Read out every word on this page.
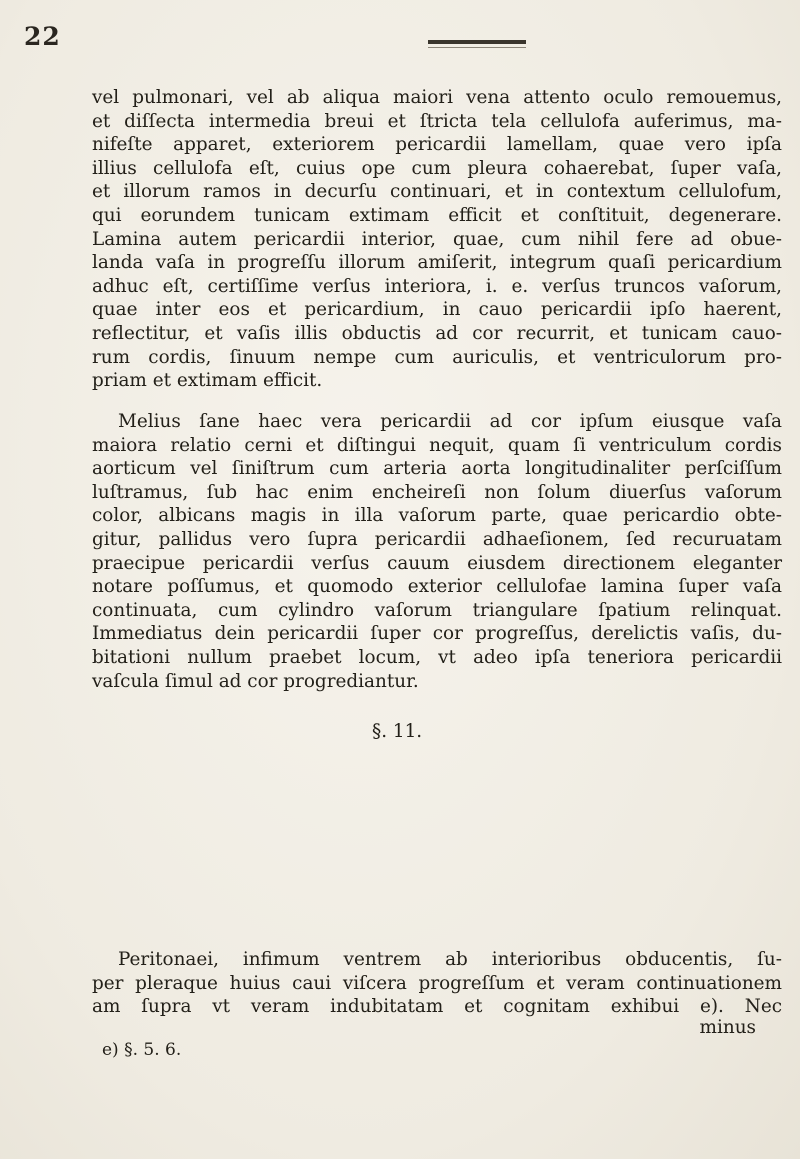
22
vel pulmonari, vel ab aliqua maiori vena attento oculo remouemus,
et diſſecta intermedia breui et ſtricta tela cellulofa auferimus, ma-
nifeſte apparet, exteriorem pericardii lamellam, quae vero ipſa
illius cellulofa eſt, cuius ope cum pleura cohaerebat, ſuper vaſa,
et illorum ramos in decurſu continuari, et in contextum cellulofum,
qui eorundem tunicam extimam efficit et conſtituit, degenerare.
Lamina autem pericardii interior, quae, cum nihil fere ad obue-
landa vaſa in progreſſu illorum amiſerit, integrum quaſi pericardium
adhuc eſt, certiſſime verſus interiora, i. e. verſus truncos vaſorum,
quae inter eos et pericardium, in cauo pericardii ipſo haerent,
reflectitur, et vaſis illis obductis ad cor recurrit, et tunicam cauo-
rum cordis, ſinuum nempe cum auriculis, et ventriculorum pro-
priam et extimam efficit.
Melius ſane haec vera pericardii ad cor ipſum eiusque vaſa
maiora relatio cerni et diſtingui nequit, quam ſi ventriculum cordis
aorticum vel ſiniſtrum cum arteria aorta longitudinaliter perſciſſum
luſtramus, ſub hac enim encheireſi non ſolum diuerſus vaſorum
color, albicans magis in illa vaſorum parte, quae pericardio obte-
gitur, pallidus vero ſupra pericardii adhaeſionem, ſed recuruatam
praecipue pericardii verſus cauum eiusdem directionem eleganter
notare poſſumus, et quomodo exterior cellulofae lamina ſuper vaſa
continuata, cum cylindro vaſorum triangulare ſpatium relinquat.
Immediatus dein pericardii ſuper cor progreſſus, derelictis vaſis, du-
bitationi nullum praebet locum, vt adeo ipſa teneriora pericardii
vaſcula ſimul ad cor progrediantur.
§. 11.
Peritonaei, infimum ventrem ab interioribus obducentis, ſu-
per pleraque huius caui viſcera progreſſum et veram continuationem
am ſupra vt veram indubitatam et cognitam exhibui e). Nec
minus
e) §. 5. 6.
